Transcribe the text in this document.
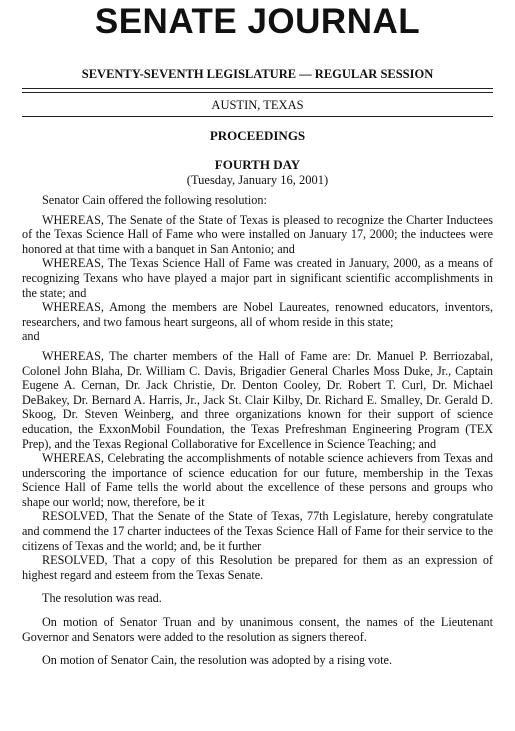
SENATE JOURNAL
SEVENTY-SEVENTH LEGISLATURE — REGULAR SESSION
AUSTIN, TEXAS
PROCEEDINGS
FOURTH DAY
(Tuesday, January 16, 2001)

Senator Cain offered the following resolution:

WHEREAS, The Senate of the State of Texas is pleased to recognize the Charter Inductees of the Texas Science Hall of Fame who were installed on January 17, 2000; the inductees were honored at that time with a banquet in San Antonio; and

WHEREAS, The Texas Science Hall of Fame was created in January, 2000, as a means of recognizing Texans who have played a major part in significant scientific accomplishments in the state; and

WHEREAS, Among the members are Nobel Laureates, renowned educators, inventors, researchers, and two famous heart surgeons, all of whom reside in this state;

and

WHEREAS, The charter members of the Hall of Fame are: Dr. Manuel P. Berriozabal, Colonel John Blaha, Dr. William C. Davis, Brigadier General Charles Moss Duke, Jr., Captain Eugene A. Cernan, Dr. Jack Christie, Dr. Denton Cooley, Dr. Robert T. Curl, Dr. Michael DeBakey, Dr. Bernard A. Harris, Jr., Jack St. Clair Kilby, Dr. Richard E. Smalley, Dr. Gerald D. Skoog, Dr. Steven Weinberg, and three organizations known for their support of science education, the ExxonMobil Foundation, the Texas Prefreshman Engineering Program (TEX Prep), and the Texas Regional Collaborative for Excellence in Science Teaching; and

WHEREAS, Celebrating the accomplishments of notable science achievers from Texas and underscoring the importance of science education for our future, membership in the Texas Science Hall of Fame tells the world about the excellence of these persons and groups who shape our world; now, therefore, be it

RESOLVED, That the Senate of the State of Texas, 77th Legislature, hereby congratulate and commend the 17 charter inductees of the Texas Science Hall of Fame for their service to the citizens of Texas and the world; and, be it further

RESOLVED, That a copy of this Resolution be prepared for them as an expression of highest regard and esteem from the Texas Senate.

The resolution was read.

On motion of Senator Truan and by unanimous consent, the names of the Lieutenant Governor and Senators were added to the resolution as signers thereof.

On motion of Senator Cain, the resolution was adopted by a rising vote.
